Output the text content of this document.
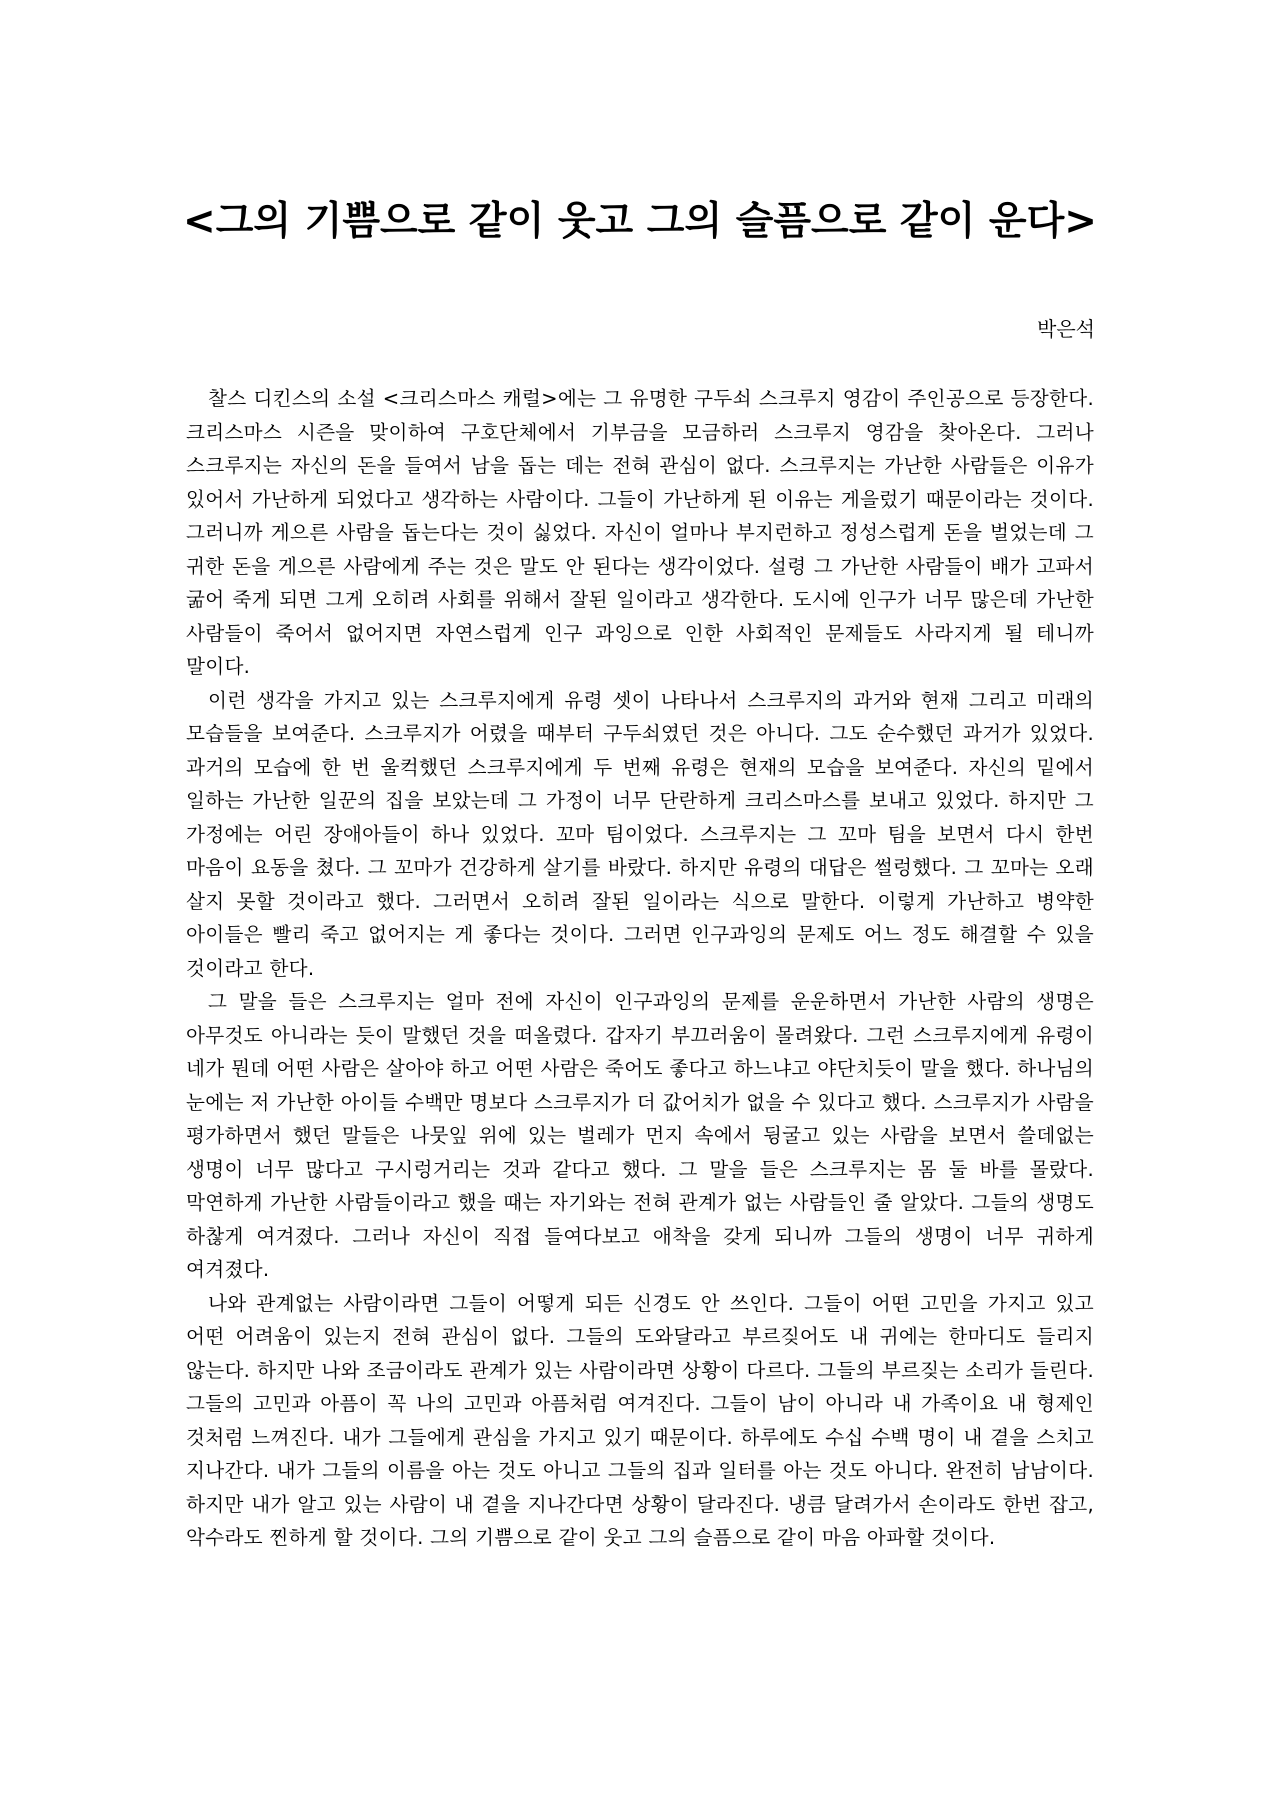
<그의 기쁨으로 같이 웃고 그의 슬픔으로 같이 운다>

박은석

찰스 디킨스의 소설 <크리스마스 캐럴>에는 그 유명한 구두쇠 스크루지 영감이 주인공으로 등장한다. 크리스마스 시즌을 맞이하여 구호단체에서 기부금을 모금하러 스크루지 영감을 찾아온다. 그러나 스크루지는 자신의 돈을 들여서 남을 돕는 데는 전혀 관심이 없다. 스크루지는 가난한 사람들은 이유가 있어서 가난하게 되었다고 생각하는 사람이다. 그들이 가난하게 된 이유는 게을렀기 때문이라는 것이다. 그러니까 게으른 사람을 돕는다는 것이 싫었다. 자신이 얼마나 부지런하고 정성스럽게 돈을 벌었는데 그 귀한 돈을 게으른 사람에게 주는 것은 말도 안 된다는 생각이었다. 설령 그 가난한 사람들이 배가 고파서 굶어 죽게 되면 그게 오히려 사회를 위해서 잘된 일이라고 생각한다. 도시에 인구가 너무 많은데 가난한 사람들이 죽어서 없어지면 자연스럽게 인구 과잉으로 인한 사회적인 문제들도 사라지게 될 테니까 말이다.

이런 생각을 가지고 있는 스크루지에게 유령 셋이 나타나서 스크루지의 과거와 현재 그리고 미래의 모습들을 보여준다. 스크루지가 어렸을 때부터 구두쇠였던 것은 아니다. 그도 순수했던 과거가 있었다. 과거의 모습에 한 번 울컥했던 스크루지에게 두 번째 유령은 현재의 모습을 보여준다. 자신의 밑에서 일하는 가난한 일꾼의 집을 보았는데 그 가정이 너무 단란하게 크리스마스를 보내고 있었다. 하지만 그 가정에는 어린 장애아들이 하나 있었다. 꼬마 팀이었다. 스크루지는 그 꼬마 팀을 보면서 다시 한번 마음이 요동을 쳤다. 그 꼬마가 건강하게 살기를 바랐다. 하지만 유령의 대답은 썰렁했다. 그 꼬마는 오래 살지 못할 것이라고 했다. 그러면서 오히려 잘된 일이라는 식으로 말한다. 이렇게 가난하고 병약한 아이들은 빨리 죽고 없어지는 게 좋다는 것이다. 그러면 인구과잉의 문제도 어느 정도 해결할 수 있을 것이라고 한다.

그 말을 들은 스크루지는 얼마 전에 자신이 인구과잉의 문제를 운운하면서 가난한 사람의 생명은 아무것도 아니라는 듯이 말했던 것을 떠올렸다. 갑자기 부끄러움이 몰려왔다. 그런 스크루지에게 유령이 네가 뭔데 어떤 사람은 살아야 하고 어떤 사람은 죽어도 좋다고 하느냐고 야단치듯이 말을 했다. 하나님의 눈에는 저 가난한 아이들 수백만 명보다 스크루지가 더 값어치가 없을 수 있다고 했다. 스크루지가 사람을 평가하면서 했던 말들은 나뭇잎 위에 있는 벌레가 먼지 속에서 뒹굴고 있는 사람을 보면서 쓸데없는 생명이 너무 많다고 구시렁거리는 것과 같다고 했다. 그 말을 들은 스크루지는 몸 둘 바를 몰랐다. 막연하게 가난한 사람들이라고 했을 때는 자기와는 전혀 관계가 없는 사람들인 줄 알았다. 그들의 생명도 하찮게 여겨졌다. 그러나 자신이 직접 들여다보고 애착을 갖게 되니까 그들의 생명이 너무 귀하게 여겨졌다.

나와 관계없는 사람이라면 그들이 어떻게 되든 신경도 안 쓰인다. 그들이 어떤 고민을 가지고 있고 어떤 어려움이 있는지 전혀 관심이 없다. 그들의 도와달라고 부르짖어도 내 귀에는 한마디도 들리지 않는다. 하지만 나와 조금이라도 관계가 있는 사람이라면 상황이 다르다. 그들의 부르짖는 소리가 들린다. 그들의 고민과 아픔이 꼭 나의 고민과 아픔처럼 여겨진다. 그들이 남이 아니라 내 가족이요 내 형제인 것처럼 느껴진다. 내가 그들에게 관심을 가지고 있기 때문이다. 하루에도 수십 수백 명이 내 곁을 스치고 지나간다. 내가 그들의 이름을 아는 것도 아니고 그들의 집과 일터를 아는 것도 아니다. 완전히 남남이다. 하지만 내가 알고 있는 사람이 내 곁을 지나간다면 상황이 달라진다. 냉큼 달려가서 손이라도 한번 잡고, 악수라도 찐하게 할 것이다. 그의 기쁨으로 같이 웃고 그의 슬픔으로 같이 마음 아파할 것이다.
